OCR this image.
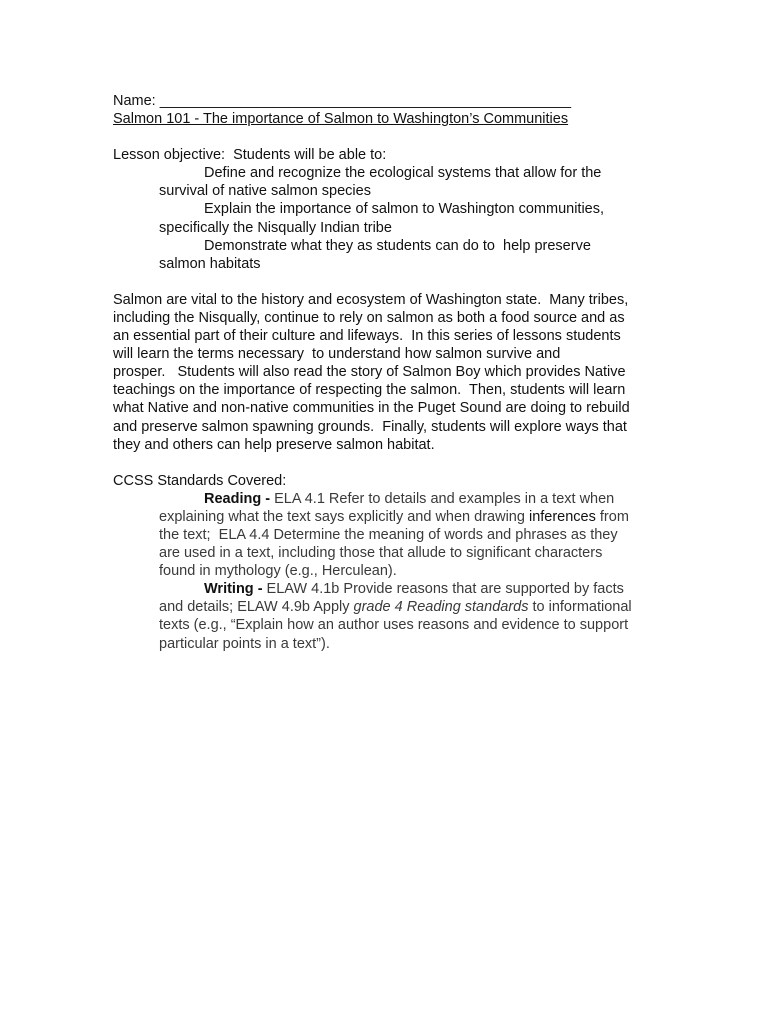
Name: ___________________________________________________
Salmon 101 - The importance of Salmon to Washington’s Communities
Lesson objective:  Students will be able to:
Define and recognize the ecological systems that allow for the
survival of native salmon species
Explain the importance of salmon to Washington communities,
specifically the Nisqually Indian tribe
Demonstrate what they as students can do to  help preserve
salmon habitats
Salmon are vital to the history and ecosystem of Washington state.  Many tribes,
including the Nisqually, continue to rely on salmon as both a food source and as
an essential part of their culture and lifeways.  In this series of lessons students
will learn the terms necessary  to understand how salmon survive and
prosper.   Students will also read the story of Salmon Boy which provides Native
teachings on the importance of respecting the salmon.  Then, students will learn
what Native and non-native communities in the Puget Sound are doing to rebuild
and preserve salmon spawning grounds.  Finally, students will explore ways that
they and others can help preserve salmon habitat.
CCSS Standards Covered:
Reading - ELA 4.1 Refer to details and examples in a text when
explaining what the text says explicitly and when drawing inferences from
the text;  ELA 4.4 Determine the meaning of words and phrases as they
are used in a text, including those that allude to significant characters
found in mythology (e.g., Herculean).
Writing - ELAW 4.1b Provide reasons that are supported by facts
and details; ELAW 4.9b Apply grade 4 Reading standards to informational
texts (e.g., “Explain how an author uses reasons and evidence to support
particular points in a text”).
